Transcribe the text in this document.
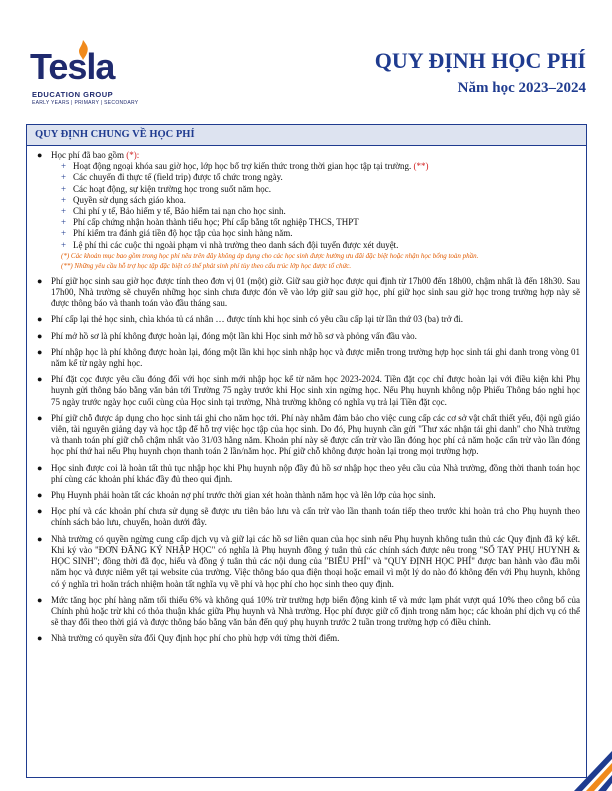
Tesla
EDUCATION GROUP
EARLY YEARS | PRIMARY | SECONDARY
QUY ĐỊNH HỌC PHÍ
Năm học 2023–2024
QUY ĐỊNH CHUNG VỀ HỌC PHÍ
● Học phí đã bao gồm (*):
+ Hoạt động ngoại khóa sau giờ học, lớp học bổ trợ kiến thức trong thời gian học tập tại trường. (**)
+ Các chuyến đi thực tế (field trip) được tổ chức trong ngày.
+ Các hoạt động, sự kiện trường học trong suốt năm học.
+ Quyền sử dụng sách giáo khoa.
+ Chi phí y tế, Bảo hiểm y tế, Bảo hiểm tai nạn cho học sinh.
+ Phí cấp chứng nhận hoàn thành tiểu học; Phí cấp bằng tốt nghiệp THCS, THPT
+ Phí kiểm tra đánh giá tiền độ học tập của học sinh hàng năm.
+ Lệ phí thi các cuộc thi ngoài phạm vi nhà trường theo danh sách đội tuyển được xét duyệt.
(*) Các khoản mục bao gồm trong học phí nêu trên đây không áp dụng cho các học sinh được hưởng ưu đãi đặc biệt hoặc nhận học bổng toàn phần.
(**) Những yêu cầu hỗ trợ học tập đặc biệt có thể phát sinh phí tùy theo cấu trúc lớp học được tổ chức.
● Phí giữ học sinh sau giờ học được tính theo đơn vị 01 (một) giờ. Giữ sau giờ học được qui định từ 17h00 đến 18h00, chậm nhất là đến 18h30. Sau 17h00, Nhà trường sẽ chuyển những học sinh chưa được đón về vào lớp giữ sau giờ học, phí giữ học sinh sau giờ học trong trường hợp này sẽ được thông báo và thanh toán vào đầu tháng sau.
● Phí cấp lại thẻ học sinh, chìa khóa tủ cá nhân … được tính khi học sinh có yêu cầu cấp lại từ lần thứ 03 (ba) trở đi.
● Phí mở hồ sơ là phí không được hoàn lại, đóng một lần khi Học sinh mở hồ sơ và phỏng vấn đầu vào.
● Phí nhập học là phí không được hoàn lại, đóng một lần khi học sinh nhập học và được miễn trong trường hợp học sinh tái ghi danh trong vòng 01 năm kể từ ngày nghỉ học.
● Phí đặt cọc được yêu cầu đóng đối với học sinh mới nhập học kể từ năm học 2023-2024. Tiền đặt cọc chỉ được hoàn lại với điều kiện khi Phụ huynh gửi thông báo bằng văn bản tới Trường 75 ngày trước khi Học sinh xin ngừng học. Nếu Phụ huynh không nộp Phiếu Thông báo nghỉ học 75 ngày trước ngày học cuối cùng của Học sinh tại trường, Nhà trường không có nghĩa vụ trả lại Tiền đặt cọc.
● Phí giữ chỗ được áp dụng cho học sinh tái ghi cho năm học tới. Phí này nhằm đảm bảo cho việc cung cấp các cơ sở vật chất thiết yếu, đội ngũ giáo viên, tài nguyên giảng dạy và học tập để hỗ trợ việc học tập của học sinh. Do đó, Phụ huynh cần gửi "Thư xác nhận tái ghi danh" cho Nhà trường và thanh toán phí giữ chỗ chậm nhất vào 31/03 hằng năm. Khoản phí này sẽ được cấn trừ vào lần đóng học phí cả năm hoặc cấn trừ vào lần đóng học phí thứ hai nếu Phụ huynh chọn thanh toán 2 lần/năm học. Phí giữ chỗ không được hoàn lại trong mọi trường hợp.
● Học sinh được coi là hoàn tất thủ tục nhập học khi Phụ huynh nộp đầy đủ hồ sơ nhập học theo yêu cầu của Nhà trường, đồng thời thanh toán học phí cùng các khoản phí khác đầy đủ theo qui định.
● Phụ Huynh phải hoàn tất các khoản nợ phí trước thời gian xét hoàn thành năm học và lên lớp của học sinh.
● Học phí và các khoản phí chưa sử dụng sẽ được ưu tiên bảo lưu và cấn trừ vào lần thanh toán tiếp theo trước khi hoàn trả cho Phụ huynh theo chính sách bảo lưu, chuyển, hoàn dưới đây.
● Nhà trường có quyền ngừng cung cấp dịch vụ và giữ lại các hồ sơ liên quan của học sinh nếu Phụ huynh không tuân thủ các Quy định đã ký kết. Khi ký vào "ĐƠN ĐĂNG KÝ NHẬP HỌC" có nghĩa là Phụ huynh đồng ý tuân thủ các chính sách được nêu trong "SỔ TAY PHỤ HUYNH & HỌC SINH"; đồng thời đã đọc, hiểu và đồng ý tuân thủ các nội dung của "BIỂU PHÍ" và "QUY ĐỊNH HỌC PHÍ" được ban hành vào đầu mỗi năm học và được niêm yết tại website của trường. Việc thông báo qua điện thoại hoặc email vì một lý do nào đó không đến với Phụ huynh, không có ý nghĩa trì hoãn trách nhiệm hoàn tất nghĩa vụ về phí và học phí cho học sinh theo quy định.
● Mức tăng học phí hàng năm tối thiểu 6% và không quá 10% trừ trường hợp biến động kinh tế và mức lạm phát vượt quá 10% theo công bố của Chính phủ hoặc trừ khi có thỏa thuận khác giữa Phụ huynh và Nhà trường. Học phí được giữ cố định trong năm học; các khoản phí dịch vụ có thể sẽ thay đổi theo thời giá và được thông báo bằng văn bản đến quý phụ huynh trước 2 tuần trong trường hợp có điều chỉnh.
● Nhà trường có quyền sửa đổi Quy định học phí cho phù hợp với từng thời điểm.
